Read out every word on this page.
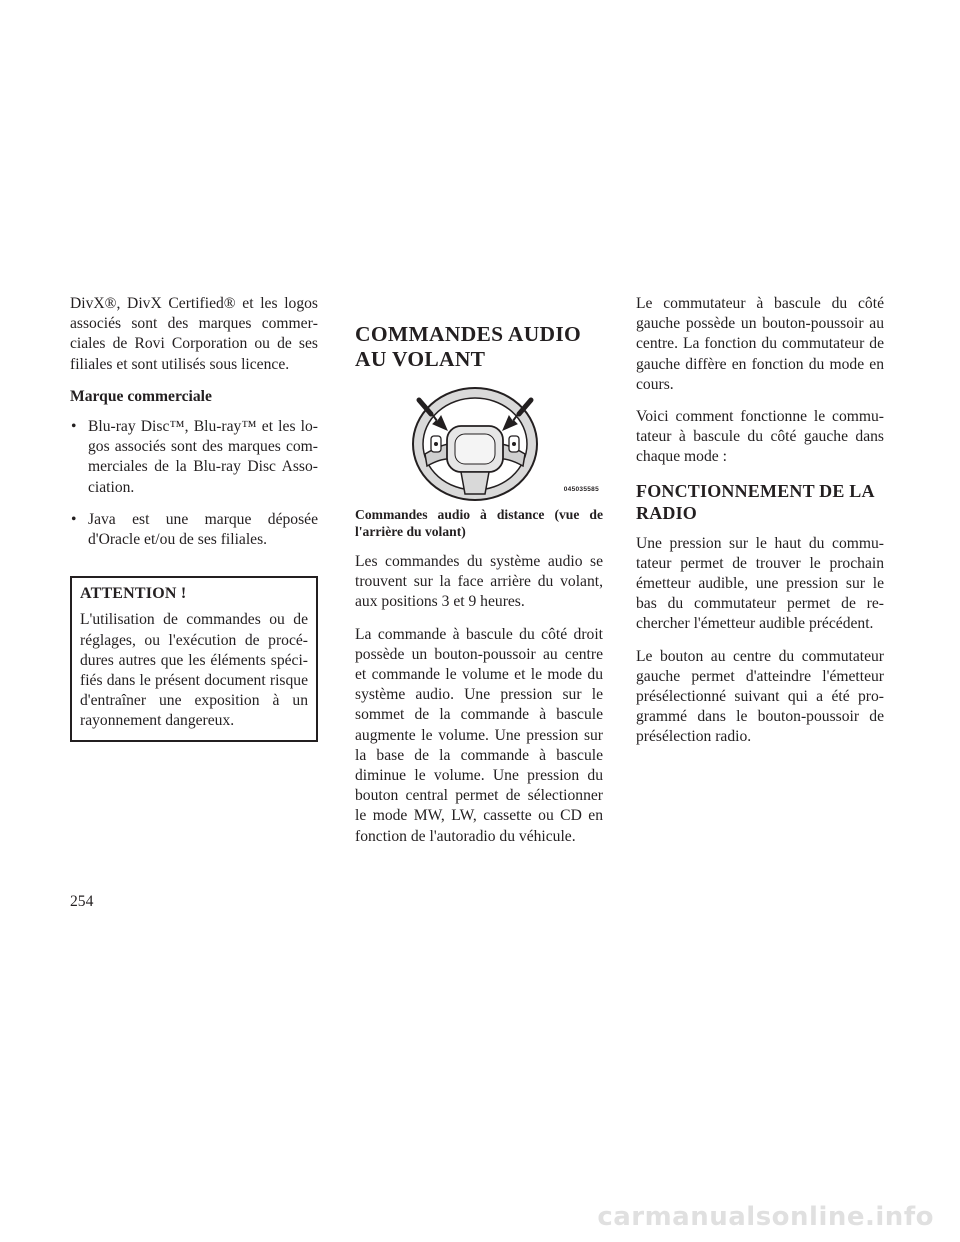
DivX®, DivX Certified® et les logos associés sont des marques commerciales de Rovi Corporation ou de ses filiales et sont utilisés sous licence.

Marque commerciale

• Blu-ray Disc™, Blu-ray™ et les logos associés sont des marques commerciales de la Blu-ray Disc Association.
• Java est une marque déposée d'Oracle et/ou de ses filiales.
ATTENTION !

L'utilisation de commandes ou de réglages, ou l'exécution de procédures autres que les éléments spécifiés dans le présent document risque d'entraîner une exposition à un rayonnement dangereux.

COMMANDES AUDIO AU VOLANT
045035585

Commandes audio à distance (vue de l'arrière du volant)

Les commandes du système audio se trouvent sur la face arrière du volant, aux positions 3 et 9 heures.

La commande à bascule du côté droit possède un bouton-poussoir au centre et commande le volume et le mode du système audio. Une pression sur le sommet de la commande à bascule augmente le volume. Une pression sur la base de la commande à bascule diminue le volume. Une pression du bouton central permet de sélectionner le mode MW, LW, cassette ou CD en fonction de l'autoradio du véhicule.

Le commutateur à bascule du côté gauche possède un bouton-poussoir au centre. La fonction du commutateur de gauche diffère en fonction du mode en cours.

Voici comment fonctionne le commutateur à bascule du côté gauche dans chaque mode :

FONCTIONNEMENT DE LA RADIO

Une pression sur le haut du commutateur permet de trouver le prochain émetteur audible, une pression sur le bas du commutateur permet de rechercher l'émetteur audible précédent.

Le bouton au centre du commutateur gauche permet d'atteindre l'émetteur présélectionné suivant qui a été programmé dans le bouton-poussoir de présélection radio.

254
carmanualsonline.info
